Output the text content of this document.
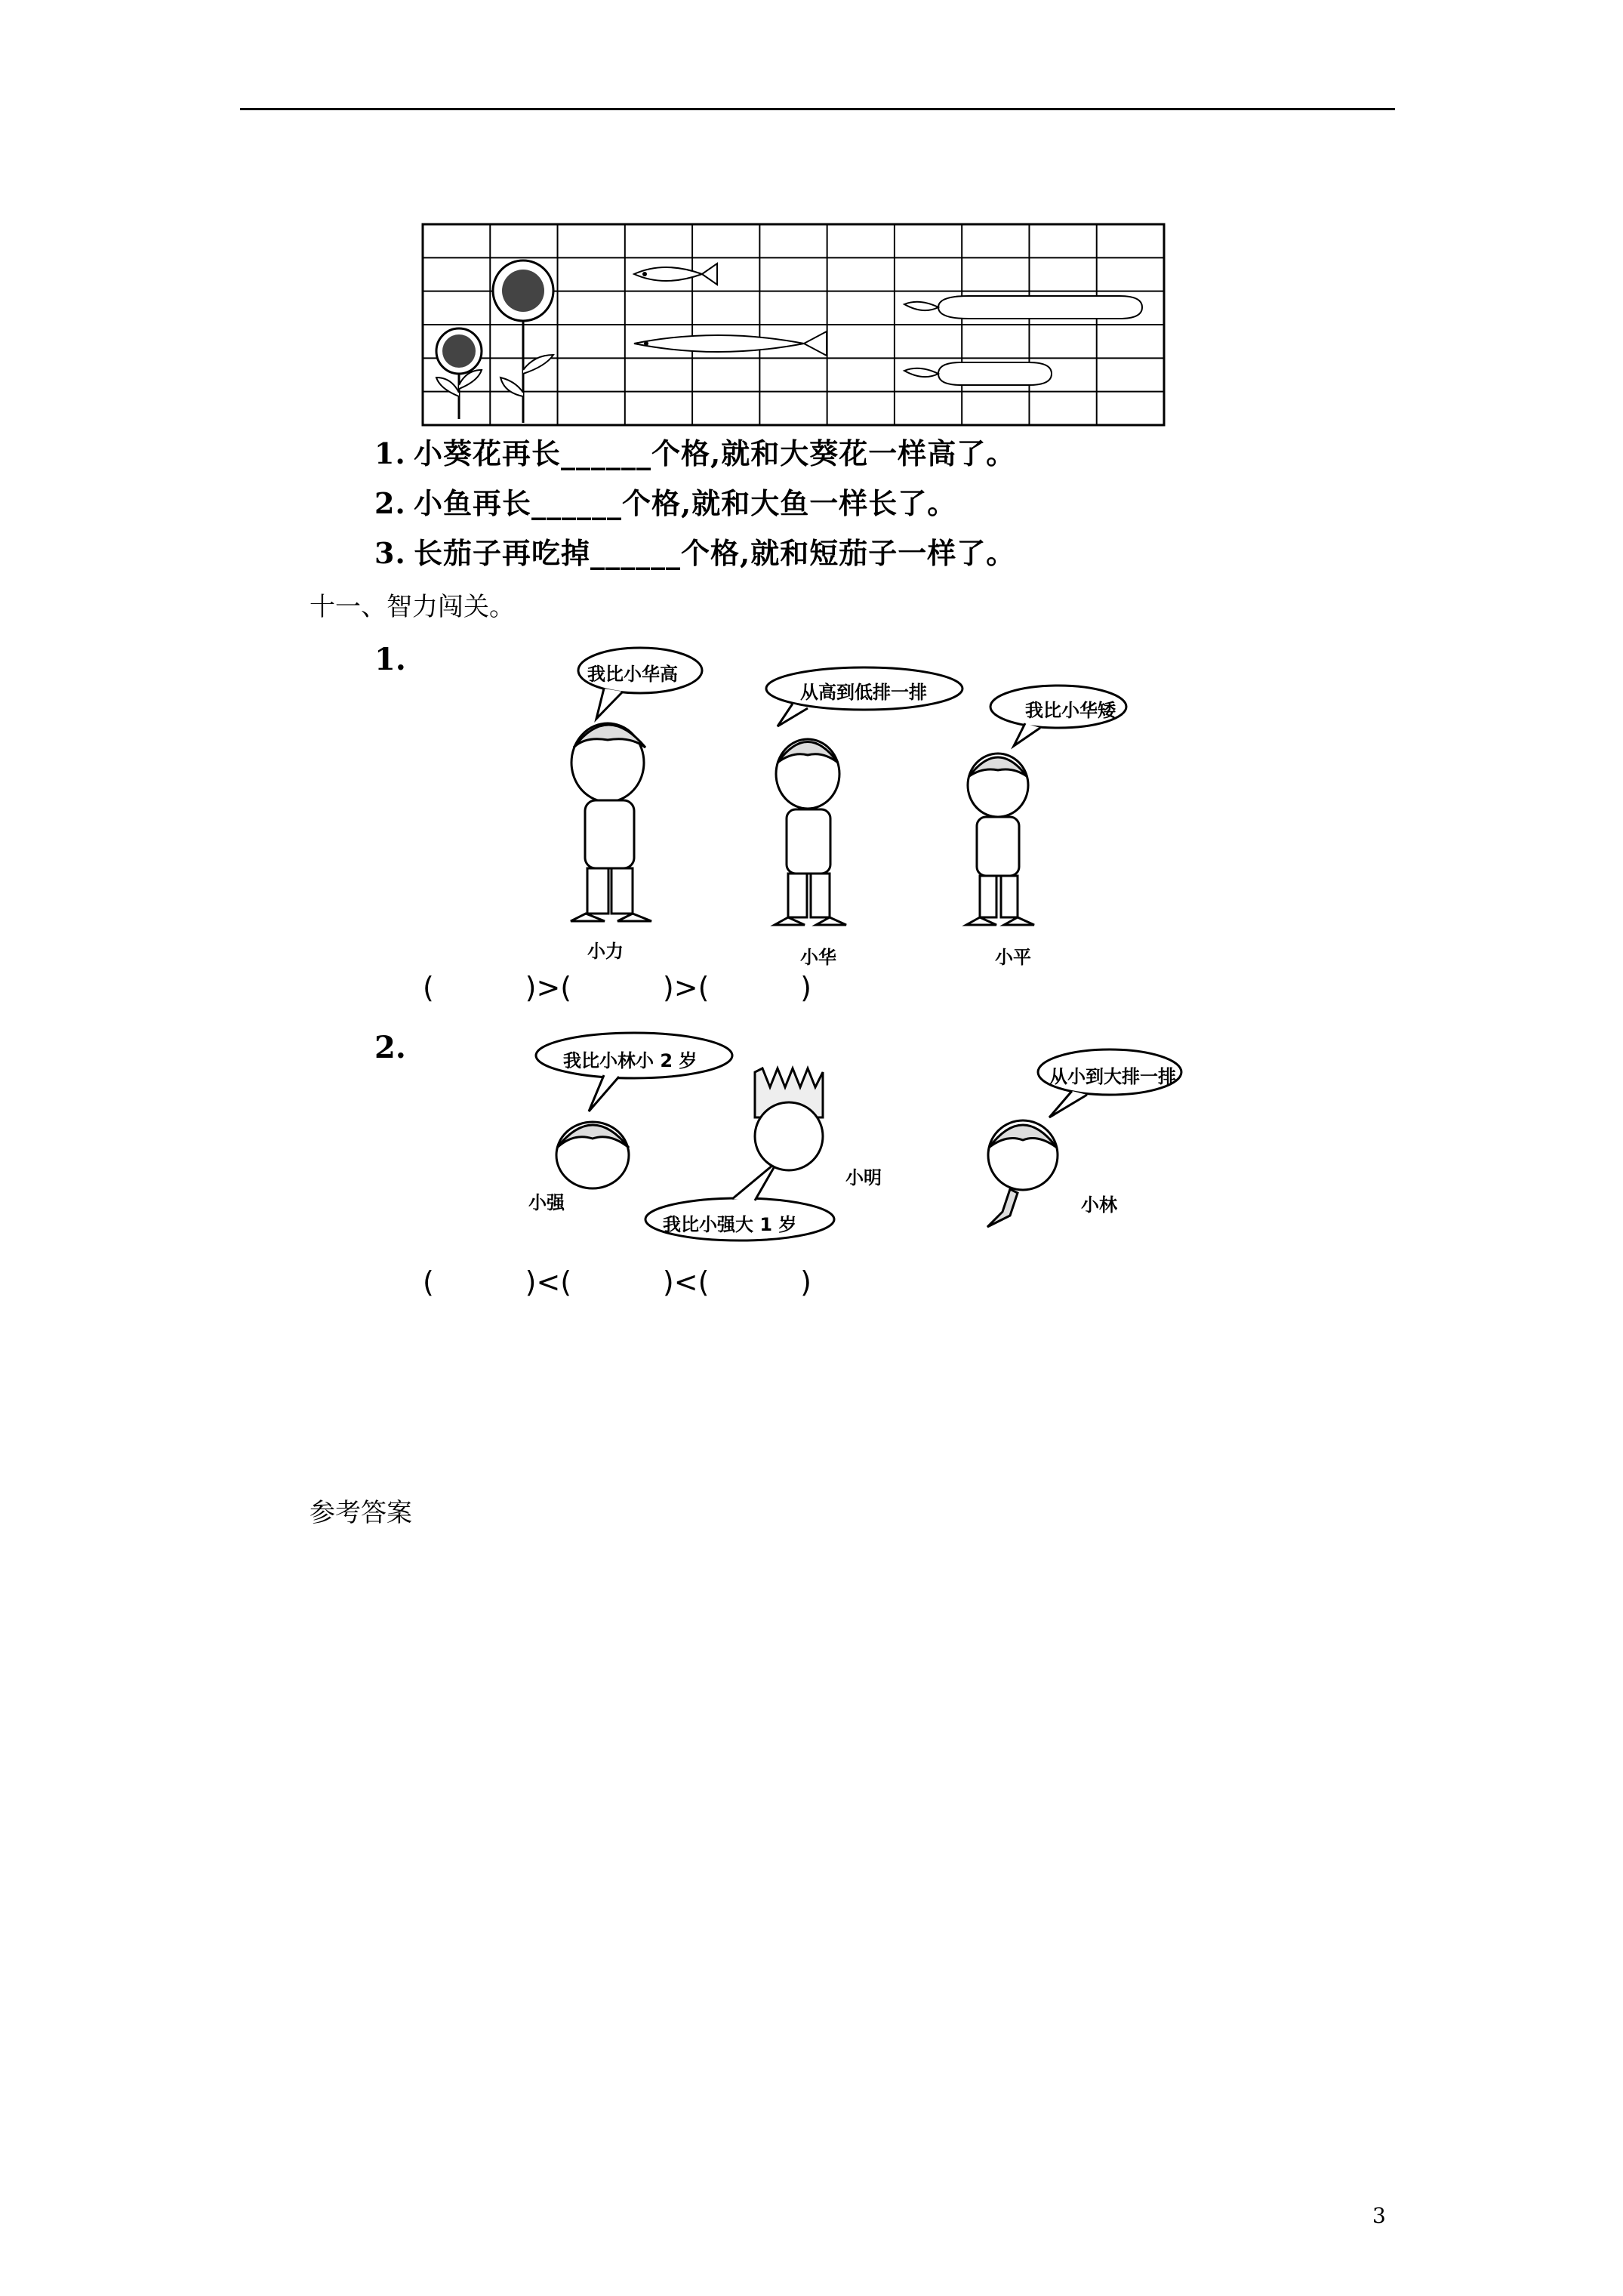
1. 小葵花再长______个格,就和大葵花一样高了。
2. 小鱼再长______个格,就和大鱼一样长了。
3. 长茄子再吃掉______个格,就和短茄子一样了。
十一、智力闯关。
1.	我比小华高
从高到低排一排
我比小华矮
小力	小华	小平
(          )>(          )>(          )
2.	我比小林小 2 岁
我比小强大 1 岁
从小到大排一排
小强
小明
小林
(          )<(          )<(          )
参考答案
3
